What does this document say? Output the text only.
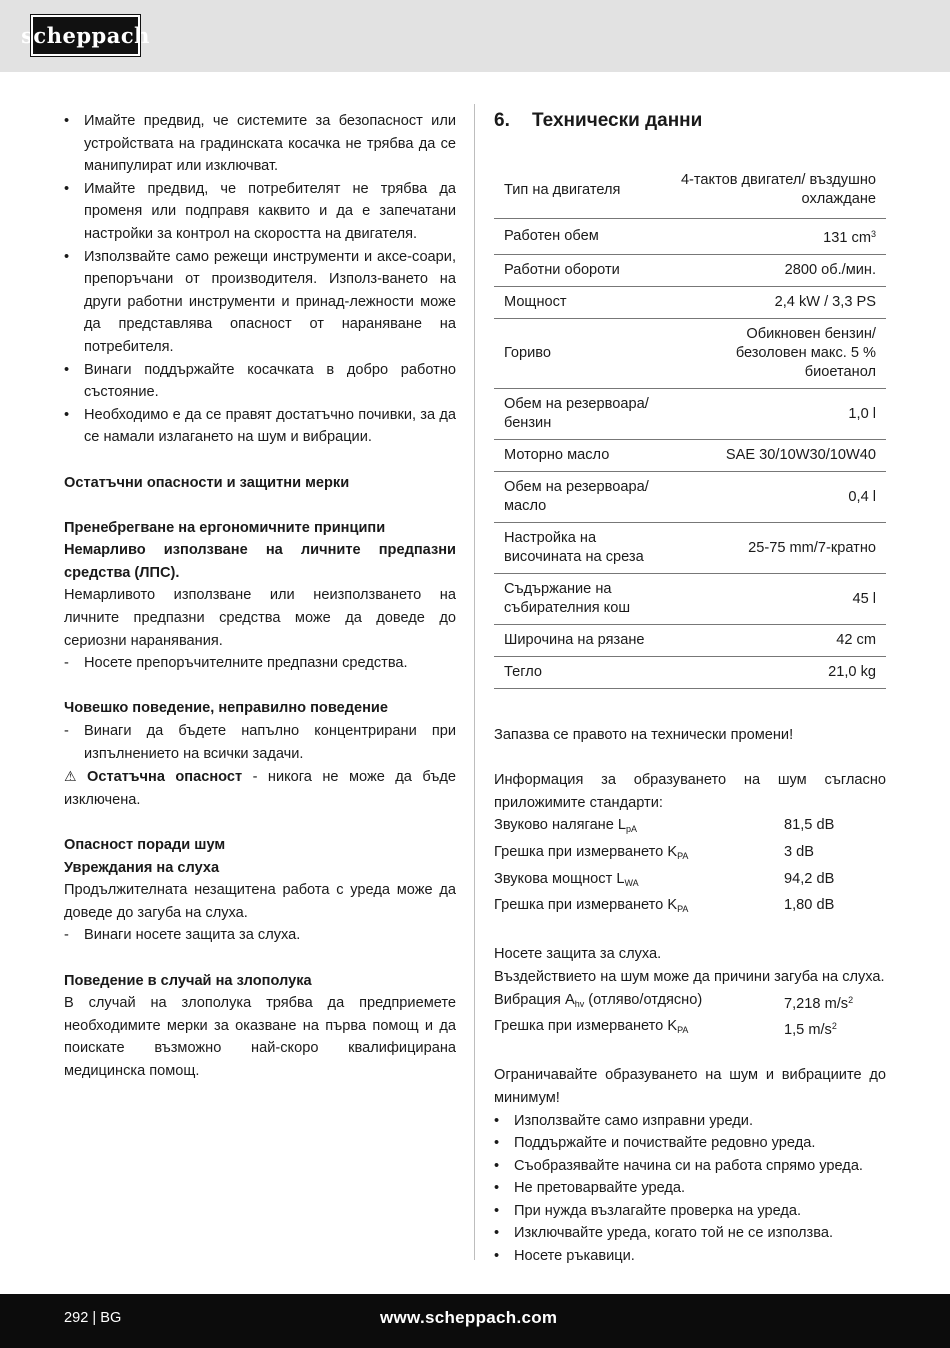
scheppach
• Имайте предвид, че системите за безопасност или устройствата на градинската косачка не трябва да се манипулират или изключват.
• Имайте предвид, че потребителят не трябва да променя или подправя каквито и да е запечатани настройки за контрол на скоростта на двигателя.
• Използвайте само режещи инструменти и аксе-соари, препоръчани от производителя. Използ-ването на други работни инструменти и принад-лежности може да представлява опасност от нараняване на потребителя.
• Винаги поддържайте косачката в добро работно състояние.
• Необходимо е да се правят достатъчно почивки, за да се намали излагането на шум и вибрации.

Остатъчни опасности и защитни мерки

Пренебрегване на ергономичните принципи

Немарливо използване на личните предпазни средства (ЛПС).

Немарливото използване или неизползването на личните предпазни средства може да доведе до сериозни наранявания.

- Носете препоръчителните предпазни средства.

Човешко поведение, неправилно поведение

- Винаги да бъдете напълно концентрирани при изпълнението на всички задачи.

⚠ Остатъчна опасност - никога не може да бъде изключена.

Опасност поради шум

Увреждания на слуха

Продължителната незащитена работа с уреда може да доведе до загуба на слуха.

- Винаги носете защита за слуха.

Поведение в случай на злополука

В случай на злополука трябва да предприемете необходимите мерки за оказване на първа помощ и да поискате възможно най-скоро квалифицирана медицинска помощ.

6.	Технически данни
Тип на двигателя	4-тактов двигател/ въздушно охлаждане
Работен обем	131 $cm^3$
Работни обороти	2800 об./мин.
Мощност	2,4 kW / 3,3 PS
Гориво	Обикновен бензин/ безоловен макс. 5 % биоетанол
Обем на резервоара/ бензин	1,0 l
Моторно масло	SAE 30/10W30/10W40
Обем на резервоара/ масло	0,4 l
Настройка на височината на среза	25-75 mm/7-кратно
Съдържание на събирателния кош	45 l
Широчина на рязане	42 cm
Тегло	21,0 kg

Запазва се правото на технически промени!

Информация за образуването на шум съгласно приложимите стандарти:

Звуково налягане $L_{pA}$	81,5 dB
Грешка при измерването $K_{PA}$	3 dB
Звукова мощност $L_{WA}$	94,2 dB
Грешка при измерването $K_{PA}$	1,80 dB

Носете защита за слуха.

Въздействието на шум може да причини загуба на слуха.

Вибрация $A_{hv}$ (отляво/отдясно)	7,218 $m/s^2$
Грешка при измерването $K_{PA}$	1,5 $m/s^2$

Ограничавайте образуването на шум и вибрациите до минимум!

• Използвайте само изправни уреди.
• Поддържайте и почиствайте редовно уреда.
• Съобразявайте начина си на работа спрямо уреда.
• Не претоварвайте уреда.
• При нужда възлагайте проверка на уреда.
• Изключвайте уреда, когато той не се използва.
• Носете ръкавици.
292 | BG	www.scheppach.com
